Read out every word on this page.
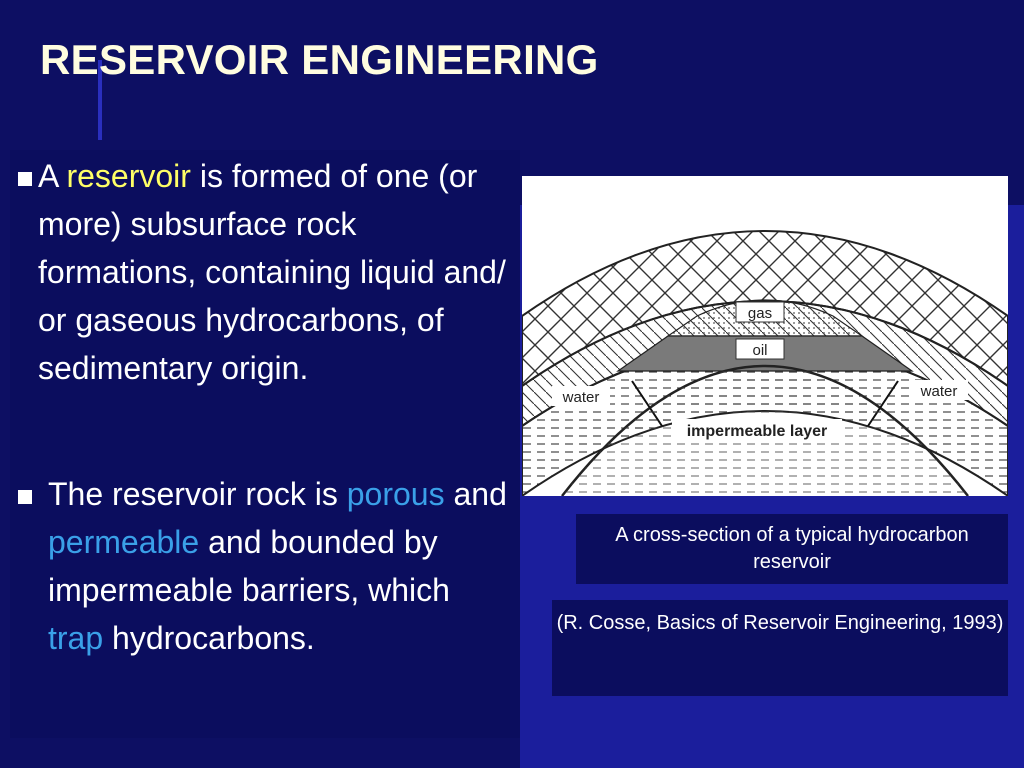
RESERVOIR ENGINEERING
A reservoir is formed of one (or more) subsurface rock formations, containing liquid and/ or gaseous hydrocarbons, of sedimentary origin.
The reservoir rock is porous and permeable and bounded by impermeable barriers, which trap hydrocarbons.
gas
oil
water	water
impermeable layer
A cross-section of a typical hydrocarbon reservoir
(R. Cosse, Basics of Reservoir Engineering, 1993)
